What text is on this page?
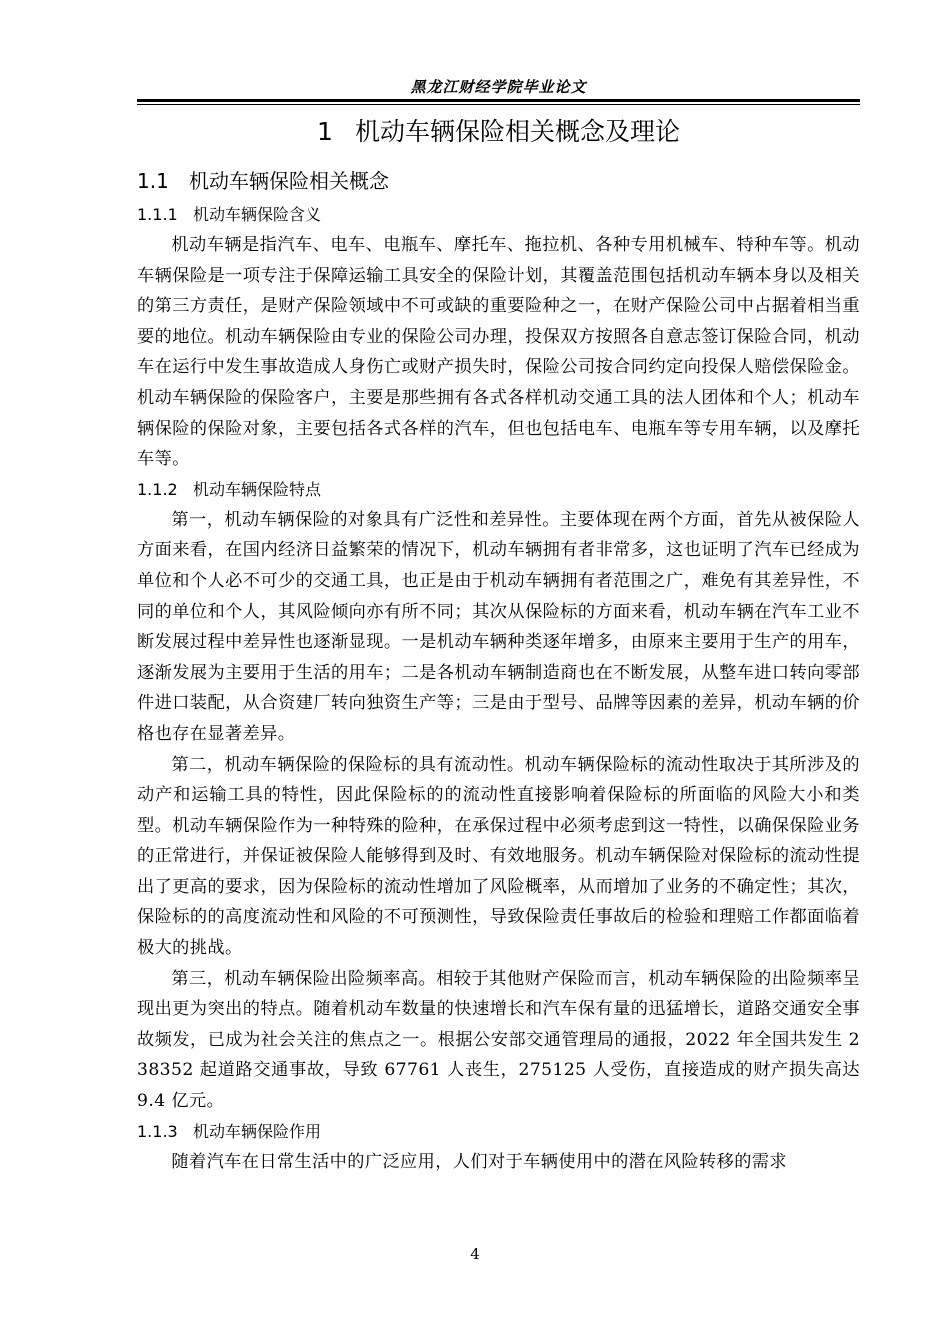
黑龙江财经学院毕业论文
1 机动车辆保险相关概念及理论
1.1 机动车辆保险相关概念
1.1.1 机动车辆保险含义

机动车辆是指汽车、电车、电瓶车、摩托车、拖拉机、各种专用机械车、特种车等。机动车辆保险是一项专注于保障运输工具安全的保险计划，其覆盖范围包括机动车辆本身以及相关的第三方责任，是财产保险领域中不可或缺的重要险种之一，在财产保险公司中占据着相当重要的地位。机动车辆保险由专业的保险公司办理，投保双方按照各自意志签订保险合同，机动车在运行中发生事故造成人身伤亡或财产损失时，保险公司按合同约定向投保人赔偿保险金。机动车辆保险的保险客户，主要是那些拥有各式各样机动交通工具的法人团体和个人；机动车辆保险的保险对象，主要包括各式各样的汽车，但也包括电车、电瓶车等专用车辆，以及摩托车等。

1.1.2 机动车辆保险特点

第一，机动车辆保险的对象具有广泛性和差异性。主要体现在两个方面，首先从被保险人方面来看，在国内经济日益繁荣的情况下，机动车辆拥有者非常多，这也证明了汽车已经成为单位和个人必不可少的交通工具，也正是由于机动车辆拥有者范围之广，难免有其差异性，不同的单位和个人，其风险倾向亦有所不同；其次从保险标的方面来看，机动车辆在汽车工业不断发展过程中差异性也逐渐显现。一是机动车辆种类逐年增多，由原来主要用于生产的用车，逐渐发展为主要用于生活的用车；二是各机动车辆制造商也在不断发展，从整车进口转向零部件进口装配，从合资建厂转向独资生产等；三是由于型号、品牌等因素的差异，机动车辆的价格也存在显著差异。

第二，机动车辆保险的保险标的具有流动性。机动车辆保险标的流动性取决于其所涉及的动产和运输工具的特性，因此保险标的的流动性直接影响着保险标的所面临的风险大小和类型。机动车辆保险作为一种特殊的险种，在承保过程中必须考虑到这一特性，以确保保险业务的正常进行，并保证被保险人能够得到及时、有效地服务。机动车辆保险对保险标的流动性提出了更高的要求，因为保险标的流动性增加了风险概率，从而增加了业务的不确定性；其次，保险标的的高度流动性和风险的不可预测性，导致保险责任事故后的检验和理赔工作都面临着极大的挑战。

第三，机动车辆保险出险频率高。相较于其他财产保险而言，机动车辆保险的出险频率呈现出更为突出的特点。随着机动车数量的快速增长和汽车保有量的迅猛增长，道路交通安全事故频发，已成为社会关注的焦点之一。根据公安部交通管理局的通报，2022 年全国共发生 238352 起道路交通事故，导致 67761 人丧生，275125 人受伤，直接造成的财产损失高达 9.4 亿元。

1.1.3 机动车辆保险作用

随着汽车在日常生活中的广泛应用，人们对于车辆使用中的潜在风险转移的需求

4
